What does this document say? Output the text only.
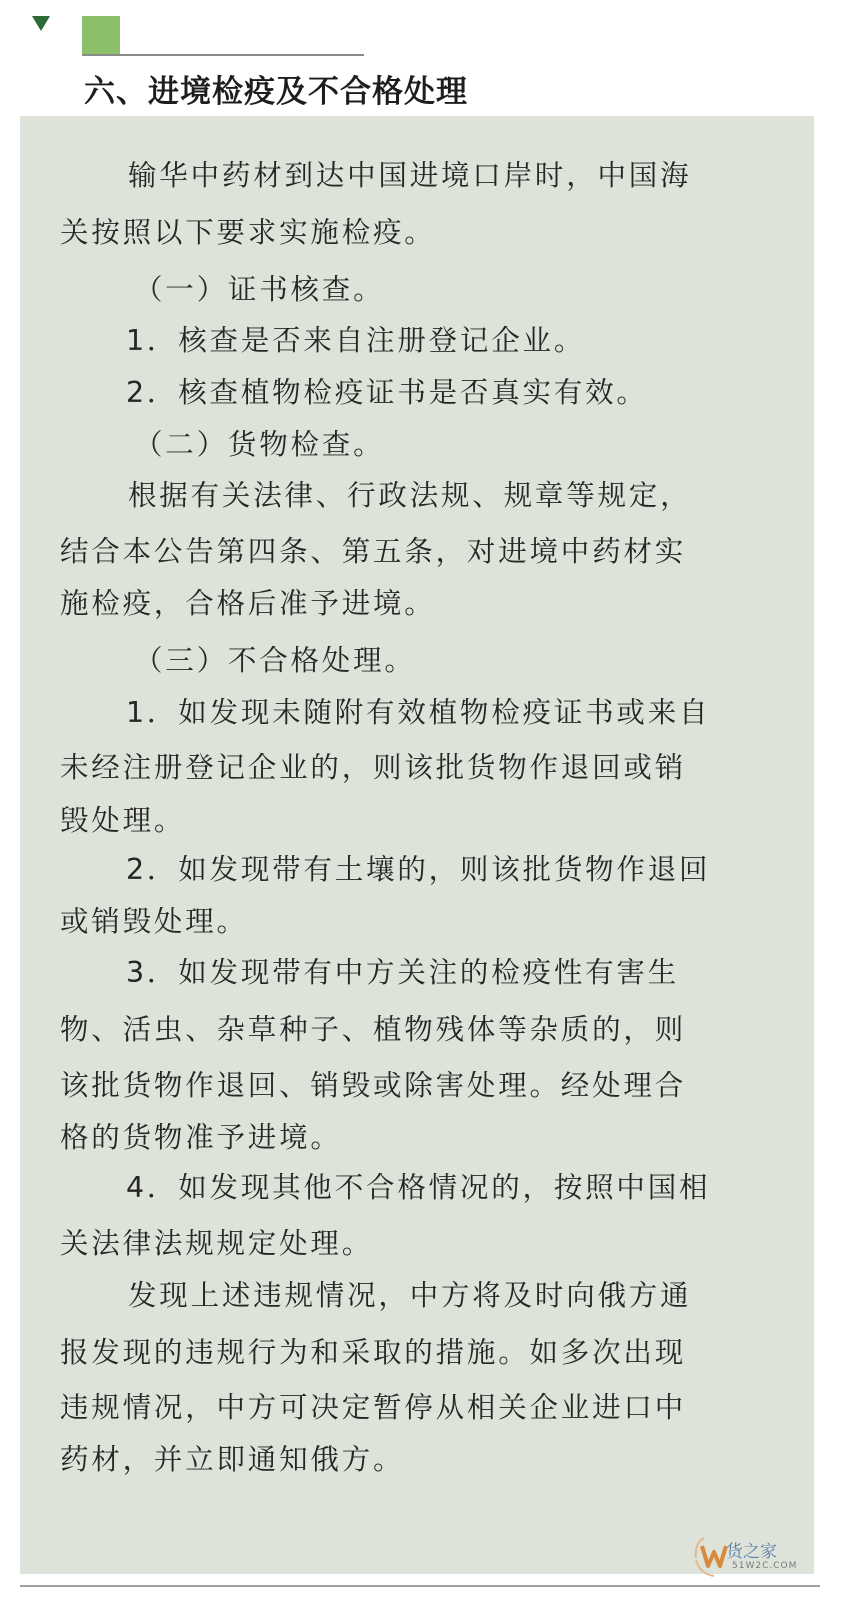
六、进境检疫及不合格处理

输华中药材到达中国进境口岸时，中国海

关按照以下要求实施检疫。

（一）证书核查。

1．核查是否来自注册登记企业。

2．核查植物检疫证书是否真实有效。

（二）货物检查。

根据有关法律、行政法规、规章等规定，

结合本公告第四条、第五条，对进境中药材实

施检疫，合格后准予进境。

（三）不合格处理。

1．如发现未随附有效植物检疫证书或来自

未经注册登记企业的，则该批货物作退回或销

毁处理。

2．如发现带有土壤的，则该批货物作退回

或销毁处理。

3．如发现带有中方关注的检疫性有害生

物、活虫、杂草种子、植物残体等杂质的，则

该批货物作退回、销毁或除害处理。经处理合

格的货物准予进境。

4．如发现其他不合格情况的，按照中国相

关法律法规规定处理。

发现上述违规情况，中方将及时向俄方通

报发现的违规行为和采取的措施。如多次出现

违规情况，中方可决定暂停从相关企业进口中

药材，并立即通知俄方。

货之家
51W2C.COM
